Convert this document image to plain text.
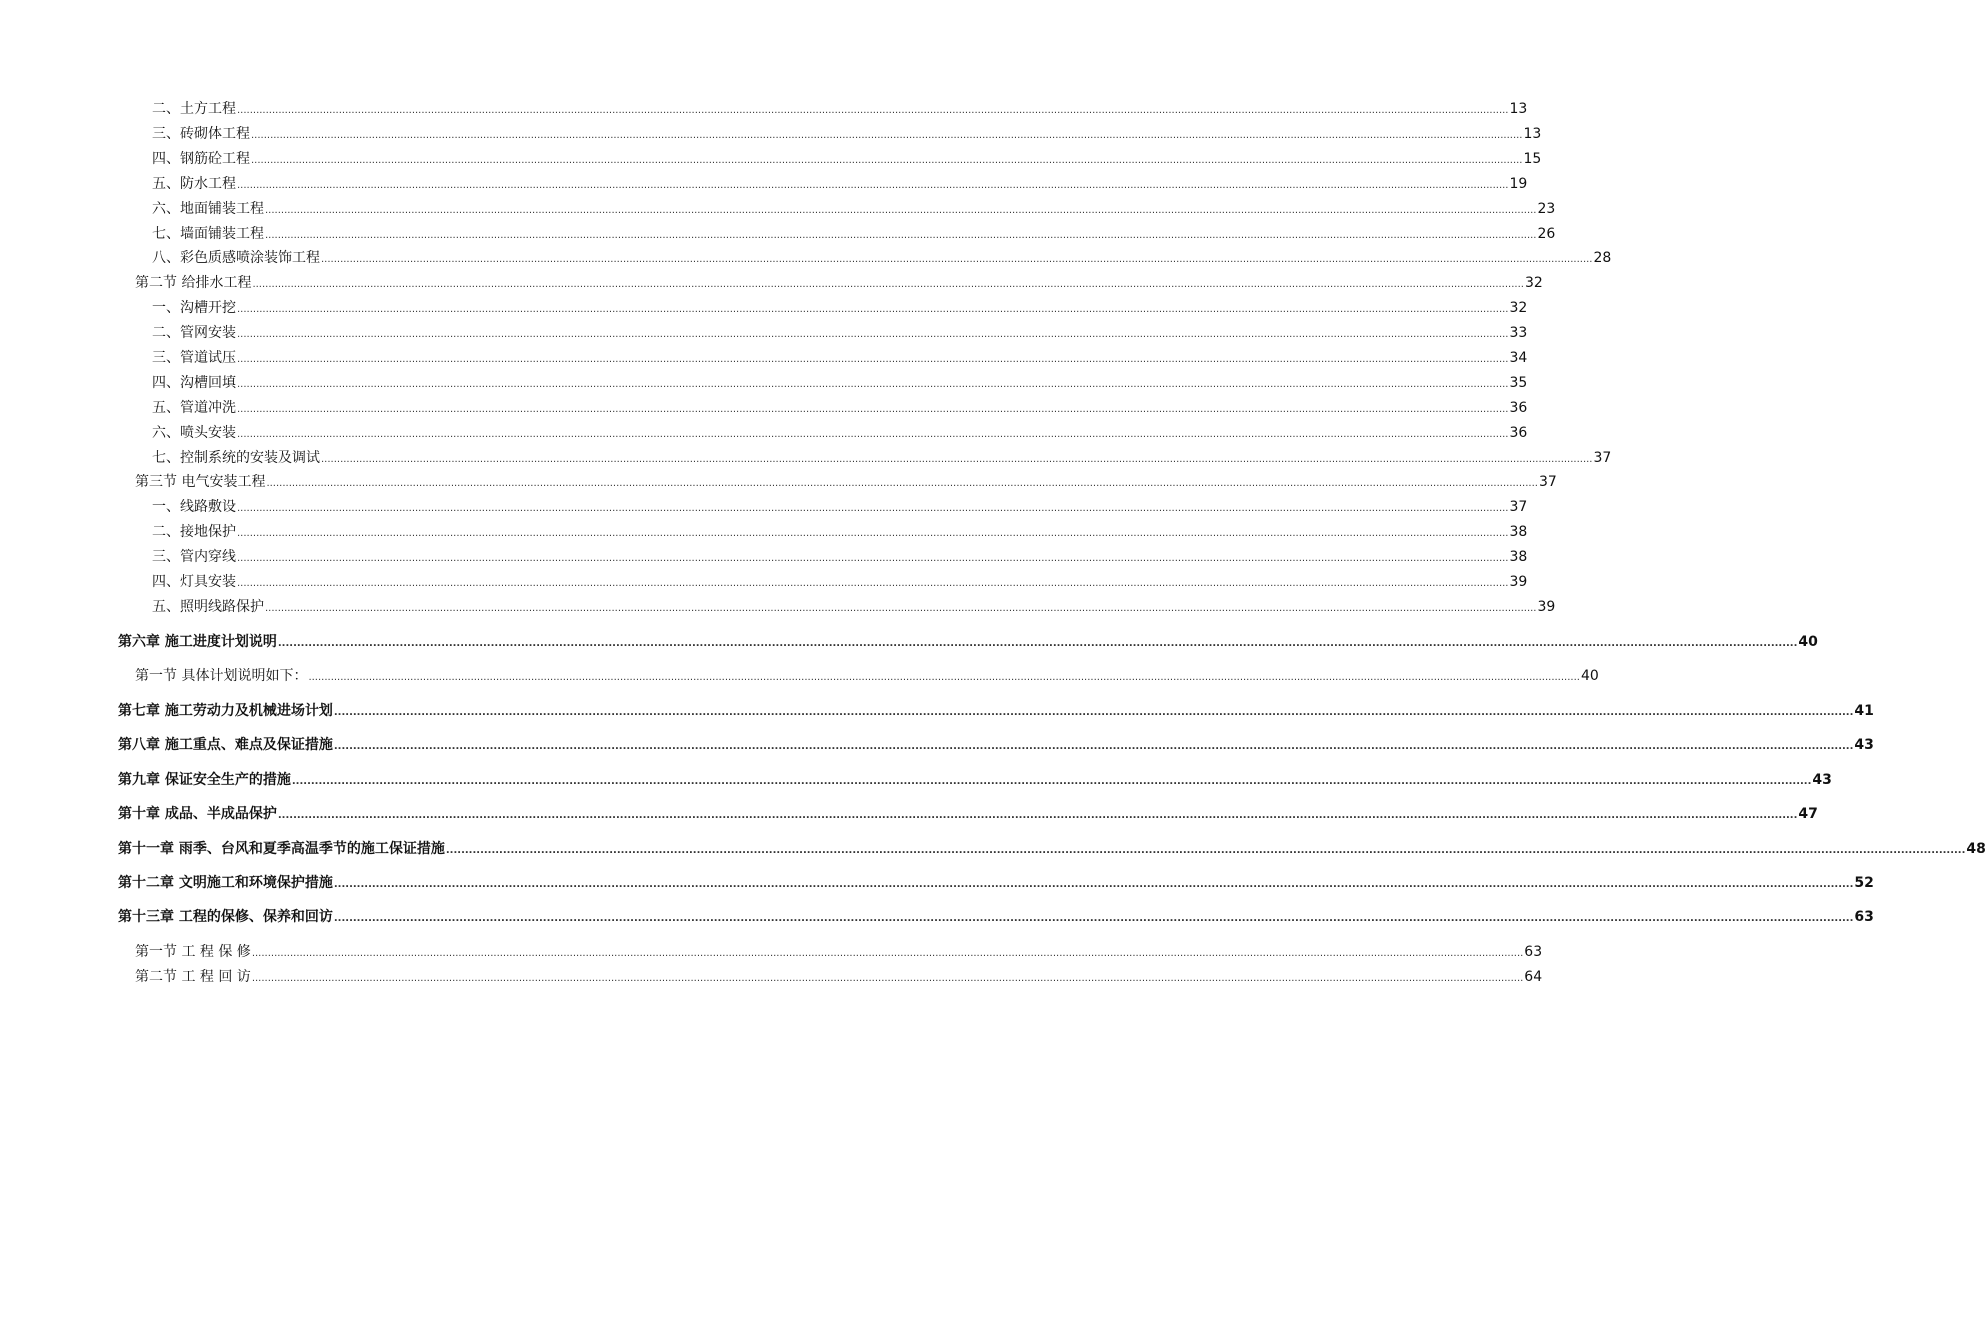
二、土方工程 ................................................................................................................................................................................................................................................................................................................................................................................................................ 13
三、砖砌体工程 ................................................................................................................................................................................................................................................................................................................................................................................................................ 13
四、钢筋砼工程 ................................................................................................................................................................................................................................................................................................................................................................................................................ 15
五、防水工程 ................................................................................................................................................................................................................................................................................................................................................................................................................ 19
六、地面铺装工程 ................................................................................................................................................................................................................................................................................................................................................................................................................ 23
七、墙面铺装工程 ................................................................................................................................................................................................................................................................................................................................................................................................................ 26
八、彩色质感喷涂装饰工程 ................................................................................................................................................................................................................................................................................................................................................................................................................ 28
第二节 给排水工程 ................................................................................................................................................................................................................................................................................................................................................................................................................ 32
一、沟槽开挖 ................................................................................................................................................................................................................................................................................................................................................................................................................ 32
二、管网安装 ................................................................................................................................................................................................................................................................................................................................................................................................................ 33
三、管道试压 ................................................................................................................................................................................................................................................................................................................................................................................................................ 34
四、沟槽回填 ................................................................................................................................................................................................................................................................................................................................................................................................................ 35
五、管道冲洗 ................................................................................................................................................................................................................................................................................................................................................................................................................ 36
六、喷头安装 ................................................................................................................................................................................................................................................................................................................................................................................................................ 36
七、控制系统的安装及调试 ................................................................................................................................................................................................................................................................................................................................................................................................................ 37
第三节 电气安装工程 ................................................................................................................................................................................................................................................................................................................................................................................................................ 37
一、线路敷设 ................................................................................................................................................................................................................................................................................................................................................................................................................ 37
二、接地保护 ................................................................................................................................................................................................................................................................................................................................................................................................................ 38
三、管内穿线 ................................................................................................................................................................................................................................................................................................................................................................................................................ 38
四、灯具安装 ................................................................................................................................................................................................................................................................................................................................................................................................................ 39
五、照明线路保护 ................................................................................................................................................................................................................................................................................................................................................................................................................ 39
第六章 施工进度计划说明 ................................................................................................................................................................................................................................................................................................................................................................................................................ 40
第一节 具体计划说明如下： ................................................................................................................................................................................................................................................................................................................................................................................................................ 40
第七章 施工劳动力及机械进场计划 ................................................................................................................................................................................................................................................................................................................................................................................................................ 41
第八章 施工重点、难点及保证措施 ................................................................................................................................................................................................................................................................................................................................................................................................................ 43
第九章 保证安全生产的措施 ................................................................................................................................................................................................................................................................................................................................................................................................................ 43
第十章 成品、半成品保护 ................................................................................................................................................................................................................................................................................................................................................................................................................ 47
第十一章 雨季、台风和夏季高温季节的施工保证措施 ................................................................................................................................................................................................................................................................................................................................................................................................................ 48
第十二章 文明施工和环境保护措施 ................................................................................................................................................................................................................................................................................................................................................................................................................ 52
第十三章 工程的保修、保养和回访 ................................................................................................................................................................................................................................................................................................................................................................................................................ 63
第一节 工 程 保 修 ................................................................................................................................................................................................................................................................................................................................................................................................................ 63
第二节 工 程 回 访 ................................................................................................................................................................................................................................................................................................................................................................................................................ 64
